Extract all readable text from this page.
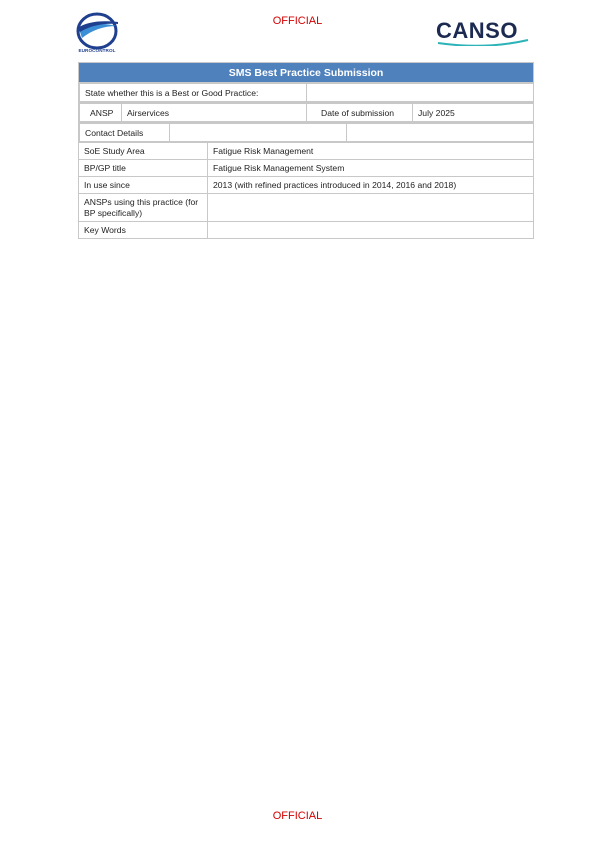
OFFICIAL
EUROCONTROL
CANSO
SMS Best Practice Submission

State whether this is a Best or Good Practice:	

ANSP	Airservices	Date of submission	July 2025

Contact Details		

SoE Study Area	Fatigue Risk Management
BP/GP title	Fatigue Risk Management System
In use since	2013 (with refined practices introduced in 2014, 2016 and 2018)
ANSPs using this practice (for BP specifically)	
Key Words	
OFFICIAL
